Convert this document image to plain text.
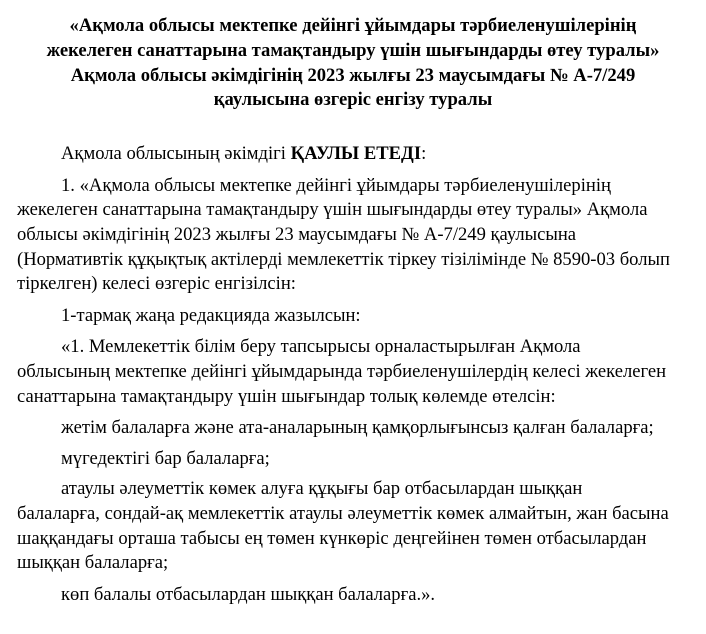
«Ақмола облысы мектепке дейінгі ұйымдары тәрбиеленушілерінің
жекелеген санаттарына тамақтандыру үшін шығындарды өтеу туралы»
Ақмола облысы әкімдігінің 2023 жылғы 23 маусымдағы № А-7/249
қаулысына өзгеріс енгізу туралы

Ақмола облысының әкімдігі ҚАУЛЫ ЕТЕДІ:

1. «Ақмола облысы мектепке дейінгі ұйымдары тәрбиеленушілерінің
жекелеген санаттарына тамақтандыру үшін шығындарды өтеу туралы» Ақмола
облысы әкімдігінің 2023 жылғы 23 маусымдағы № А-7/249 қаулысына
(Нормативтік құқықтық актілерді мемлекеттік тіркеу тізілімінде № 8590-03 болып
тіркелген) келесі өзгеріс енгізілсін:

1-тармақ жаңа редакцияда жазылсын:

«1. Мемлекеттік білім беру тапсырысы орналастырылған Ақмола
облысының мектепке дейінгі ұйымдарында тәрбиеленушілердің келесі жекелеген
санаттарына тамақтандыру үшін шығындар толық көлемде өтелсін:

жетім балаларға және ата-аналарының қамқорлығынсыз қалған балаларға;

мүгедектігі бар балаларға;

атаулы әлеуметтік көмек алуға құқығы бар отбасылардан шыққан
балаларға, сондай-ақ мемлекеттік атаулы әлеуметтік көмек алмайтын, жан басына
шаққандағы орташа табысы ең төмен күнкөріс деңгейінен төмен отбасылардан
шыққан балаларға;

көп балалы отбасылардан шыққан балаларға.».
